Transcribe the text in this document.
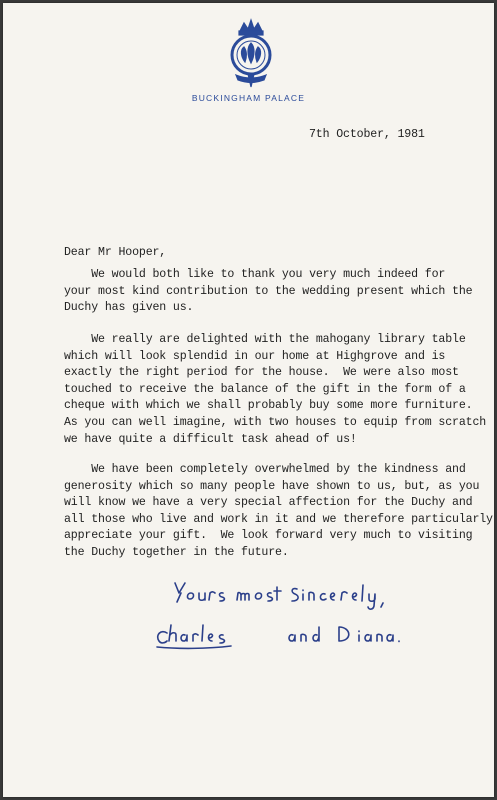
BUCKINGHAM PALACE
7th October, 1981
Dear Mr Hooper,
We would both like to thank you very much indeed for
your most kind contribution to the wedding present which the
Duchy has given us.
We really are delighted with the mahogany library table
which will look splendid in our home at Highgrove and is
exactly the right period for the house.  We were also most
touched to receive the balance of the gift in the form of a
cheque with which we shall probably buy some more furniture.
As you can well imagine, with two houses to equip from scratch
we have quite a difficult task ahead of us!
We have been completely overwhelmed by the kindness and
generosity which so many people have shown to us, but, as you
will know we have a very special affection for the Duchy and
all those who live and work in it and we therefore particularly
appreciate your gift.  We look forward very much to visiting
the Duchy together in the future.
